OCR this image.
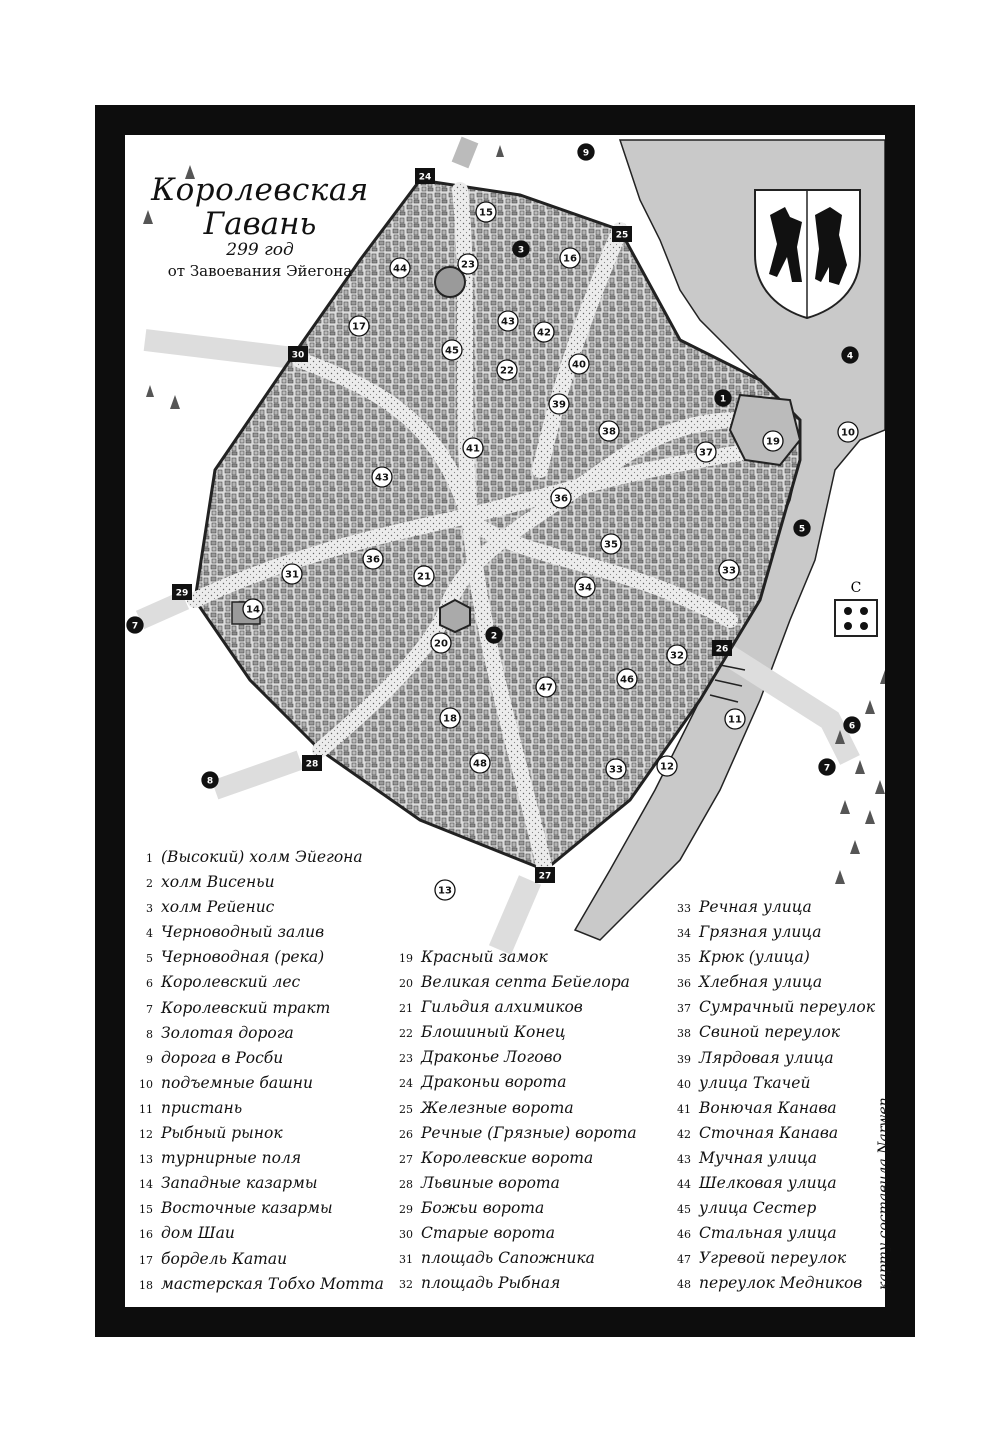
С
1
2
3
4
5
6
7
7
8
9
24
25
26
27
28
29
30
10
11
12
13
14
15
16
17
18
19
20
21
22
23
31
32
33
33
34
35
36
36
37
38
39
40
41
42
43
43
44
45
46
47
48
Королевская
Гавань
299 год
от Завоевания Эйегона
1 (Высокий) холм Эйегона
2 холм Висеньи
3 холм Рейенис
4 Черноводный залив
5 Черноводная (река)
6 Королевский лес
7 Королевский тракт
8 Золотая дорога
9 дорога в Росби
10 подъемные башни
11 пристань
12 Рыбный рынок
13 турнирные поля
14 Западные казармы
15 Восточные казармы
16 дом Шаи
17 бордель Катаи
18 мастерская Тобхо Мотта
19 Красный замок
20 Великая септа Бейелора
21 Гильдия алхимиков
22 Блошиный Конец
23 Драконье Логово
24 Драконьи ворота
25 Железные ворота
26 Речные (Грязные) ворота
27 Королевские ворота
28 Львиные ворота
29 Божьи ворота
30 Старые ворота
31 площадь Сапожника
32 площадь Рыбная
33 Речная улица
34 Грязная улица
35 Крюк (улица)
36 Хлебная улица
37 Сумрачный переулок
38 Свиной переулок
39 Лярдовая улица
40 улица Ткачей
41 Вонючая Канава
42 Сточная Канава
43 Мучная улица
44 Шелковая улица
45 улица Сестер
46 Стальная улица
47 Угревой переулок
48 переулок Медников карту составила Narwen
